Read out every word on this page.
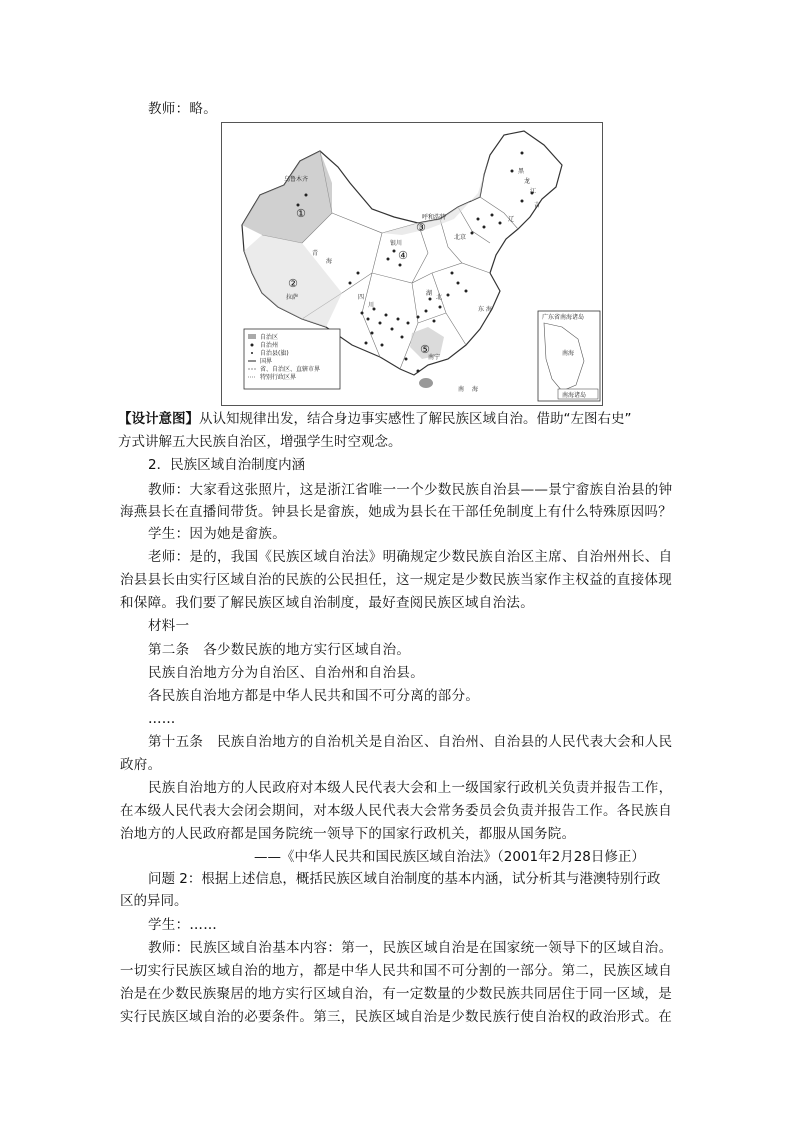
教师：略。
①
②
③
④
⑤
乌鲁木齐
拉萨
呼和浩特
银川
北京
南宁
黑
龙
江
吉
辽
青
海
四
川
湖
北
东 海
南 海
自治区
自治州
自治县(旗)
国界
省、自治区、直辖市界
特别行政区界
广东省南海诸岛
南海
南海诸岛
【设计意图】从认知规律出发，结合身边事实感性了解民族区域自治。借助“左图右史”
方式讲解五大民族自治区，增强学生时空观念。
2．民族区域自治制度内涵
教师：大家看这张照片，这是浙江省唯一一个少数民族自治县——景宁畲族自治县的钟
海燕县长在直播间带货。钟县长是畲族，她成为县长在干部任免制度上有什么特殊原因吗？
学生：因为她是畲族。
老师：是的，我国《民族区域自治法》明确规定少数民族自治区主席、自治州州长、自
治县县长由实行区域自治的民族的公民担任，这一规定是少数民族当家作主权益的直接体现
和保障。我们要了解民族区域自治制度，最好查阅民族区域自治法。
材料一
第二条　各少数民族的地方实行区域自治。
民族自治地方分为自治区、自治州和自治县。
各民族自治地方都是中华人民共和国不可分离的部分。
……
第十五条　民族自治地方的自治机关是自治区、自治州、自治县的人民代表大会和人民
政府。
民族自治地方的人民政府对本级人民代表大会和上一级国家行政机关负责并报告工作，
在本级人民代表大会闭会期间，对本级人民代表大会常务委员会负责并报告工作。各民族自
治地方的人民政府都是国务院统一领导下的国家行政机关，都服从国务院。
——《中华人民共和国民族区域自治法》（2001年2月28日修正）
问题 2：根据上述信息，概括民族区域自治制度的基本内涵，试分析其与港澳特别行政
区的异同。
学生：……
教师：民族区域自治基本内容：第一，民族区域自治是在国家统一领导下的区域自治。
一切实行民族区域自治的地方，都是中华人民共和国不可分割的一部分。第二，民族区域自
治是在少数民族聚居的地方实行区域自治，有一定数量的少数民族共同居住于同一区域，是
实行民族区域自治的必要条件。第三，民族区域自治是少数民族行使自治权的政治形式。在
